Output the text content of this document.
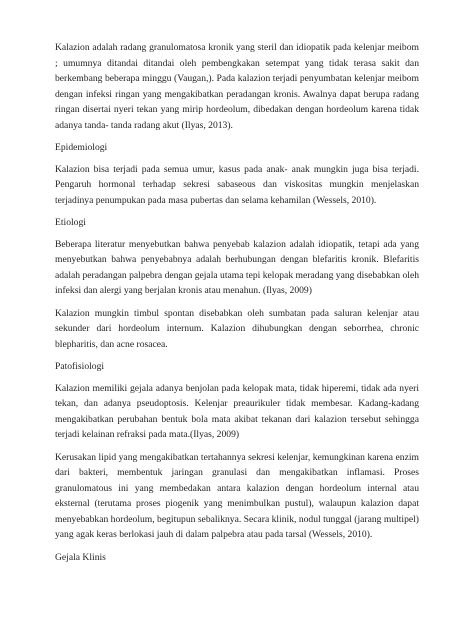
Kalazion adalah radang granulomatosa kronik yang steril dan idiopatik pada kelenjar meibom ; umumnya ditandai ditandai oleh pembengkakan setempat yang tidak terasa sakit dan berkembang beberapa minggu (Vaugan,). Pada kalazion terjadi penyumbatan kelenjar meibom dengan infeksi ringan yang mengakibatkan peradangan kronis. Awalnya dapat berupa radang ringan disertai nyeri tekan yang mirip hordeolum, dibedakan dengan hordeolum karena tidak adanya tanda- tanda radang akut (Ilyas, 2013).

Epidemiologi

Kalazion bisa terjadi pada semua umur, kasus pada anak- anak mungkin juga bisa terjadi. Pengaruh hormonal terhadap sekresi sabaseous dan viskositas mungkin menjelaskan terjadinya penumpukan pada masa pubertas dan selama kehamilan (Wessels, 2010).

Etiologi

Beberapa literatur menyebutkan bahwa penyebab kalazion adalah idiopatik, tetapi ada yang menyebutkan bahwa penyebabnya adalah berhubungan dengan blefaritis kronik. Blefaritis adalah peradangan palpebra dengan gejala utama tepi kelopak meradang yang disebabkan oleh infeksi dan alergi yang berjalan kronis atau menahun. (Ilyas, 2009)

Kalazion mungkin timbul spontan disebabkan oleh sumbatan pada saluran kelenjar atau sekunder dari hordeolum internum. Kalazion dihubungkan dengan seborrhea, chronic blepharitis, dan acne rosacea.

Patofisiologi

Kalazion memiliki gejala adanya benjolan pada kelopak mata, tidak hiperemi, tidak ada nyeri tekan, dan adanya pseudoptosis. Kelenjar preaurikuler tidak membesar. Kadang-kadang mengakibatkan perubahan bentuk bola mata akibat tekanan dari kalazion tersebut sehingga terjadi kelainan refraksi pada mata.(Ilyas, 2009)

Kerusakan lipid yang mengakibatkan tertahannya sekresi kelenjar, kemungkinan karena enzim dari bakteri, membentuk jaringan granulasi dan mengakibatkan inflamasi. Proses granulomatous ini yang membedakan antara kalazion dengan hordeolum internal atau eksternal (terutama proses piogenik yang menimbulkan pustul), walaupun kalazion dapat menyebabkan hordeolum, begitupun sebaliknya. Secara klinik, nodul tunggal (jarang multipel) yang agak keras berlokasi jauh di dalam palpebra atau pada tarsal (Wessels, 2010).

Gejala Klinis
